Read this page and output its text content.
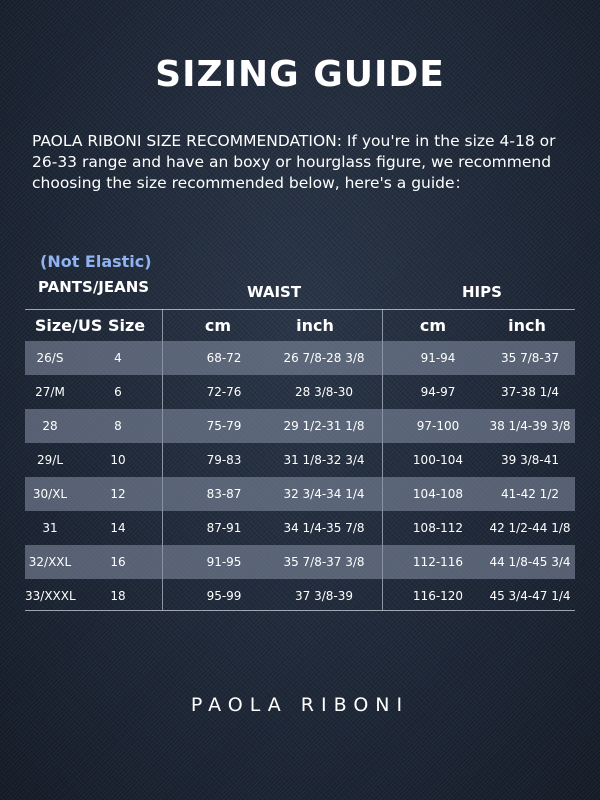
SIZING GUIDE

PAOLA RIBONI SIZE RECOMMENDATION: If you're in the size 4-18 or 26-33 range and have an boxy or hourglass figure, we recommend choosing the size recommended below, here's a guide：

(Not Elastic)
PANTS/JEANS	WAIST	HIPS
Size/US Size	cm	inch	cm	inch
26/S	4	68-72	26 7/8-28 3/8	91-94	35 7/8-37
27/M	6	72-76	28 3/8-30	94-97	37-38 1/4
28	8	75-79	29 1/2-31 1/8	97-100	38 1/4-39 3/8
29/L	10	79-83	31 1/8-32 3/4	100-104	39 3/8-41
30/XL	12	83-87	32 3/4-34 1/4	104-108	41-42 1/2
31	14	87-91	34 1/4-35 7/8	108-112	42 1/2-44 1/8
32/XXL	16	91-95	35 7/8-37 3/8	112-116	44 1/8-45 3/4
33/XXXL	18	95-99	37 3/8-39	116-120	45 3/4-47 1/4
PAOLA RIBONI
